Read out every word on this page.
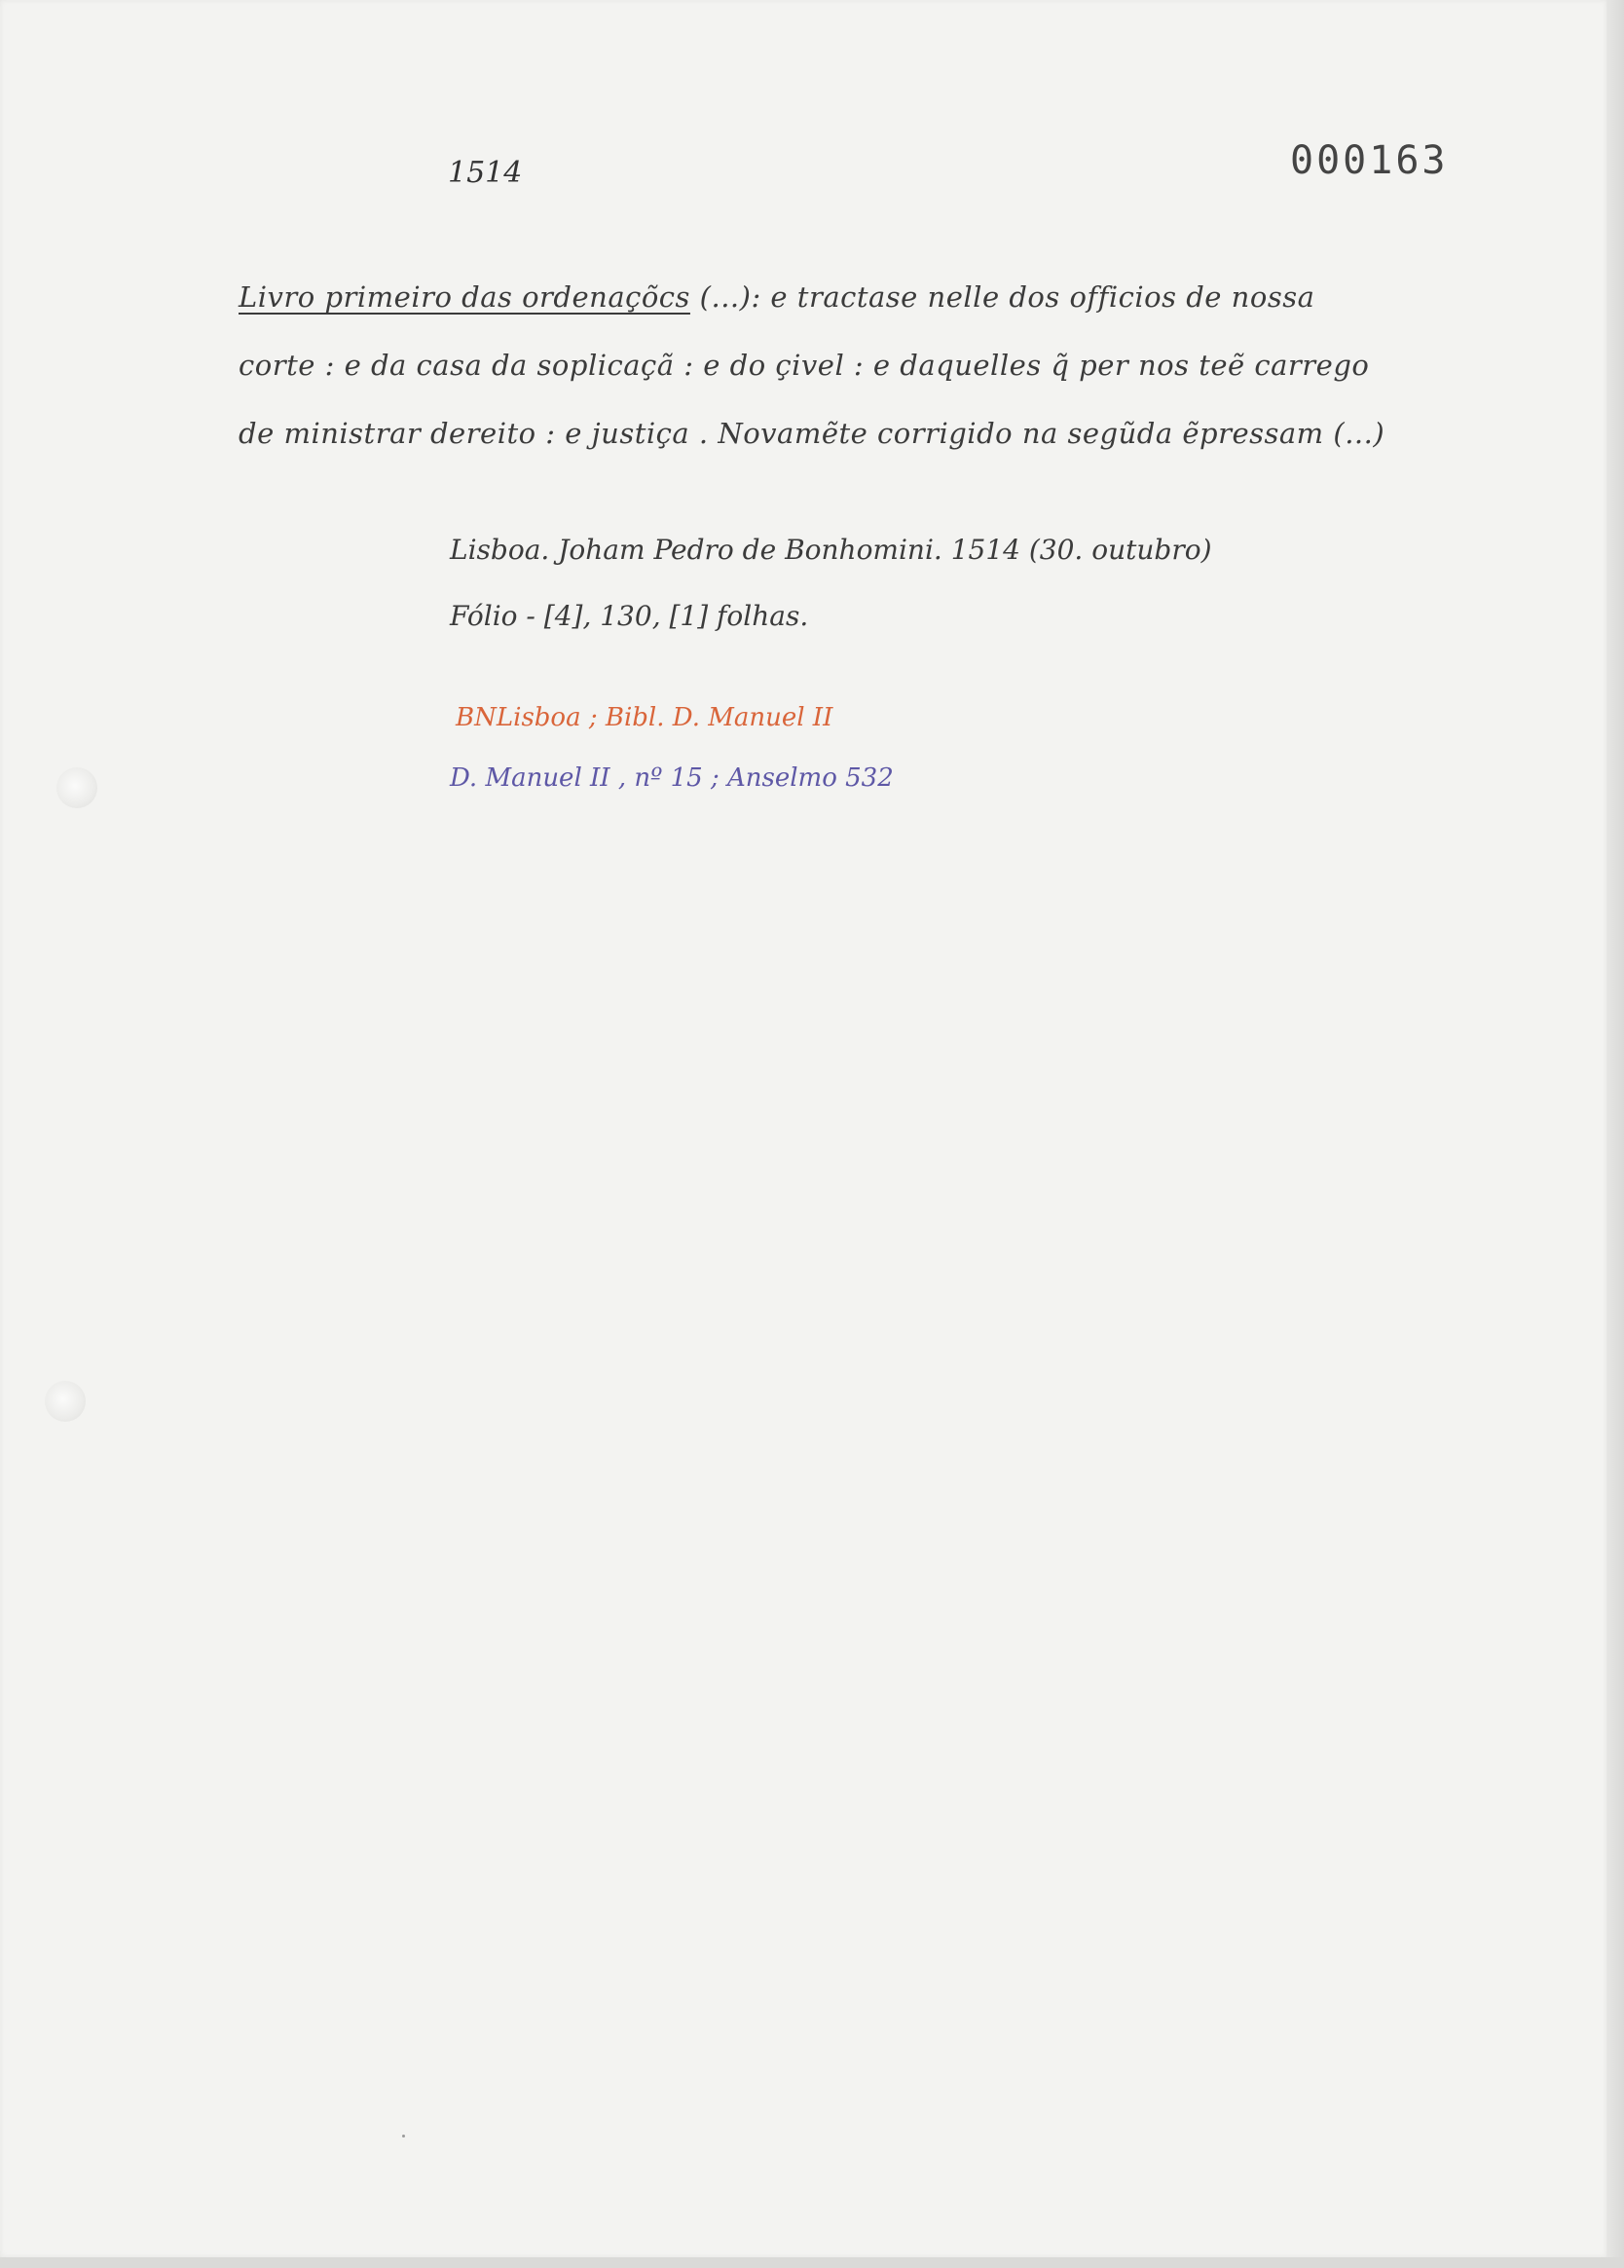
1514	000163
Livro primeiro das ordenaçõcs (...): e tractase nelle dos officios de nossa
corte : e da casa da soplicaçã : e do çivel : e daquelles q̃ per nos teẽ carrego
de ministrar dereito : e justiça . Novamẽte corrigido na segũda ẽpressam (...)
Lisboa. Joham Pedro de Bonhomini. 1514 (30. outubro)
Fólio - [4], 130, [1] folhas.
BNLisboa ; Bibl. D. Manuel II
D. Manuel II , nº 15 ; Anselmo 532
